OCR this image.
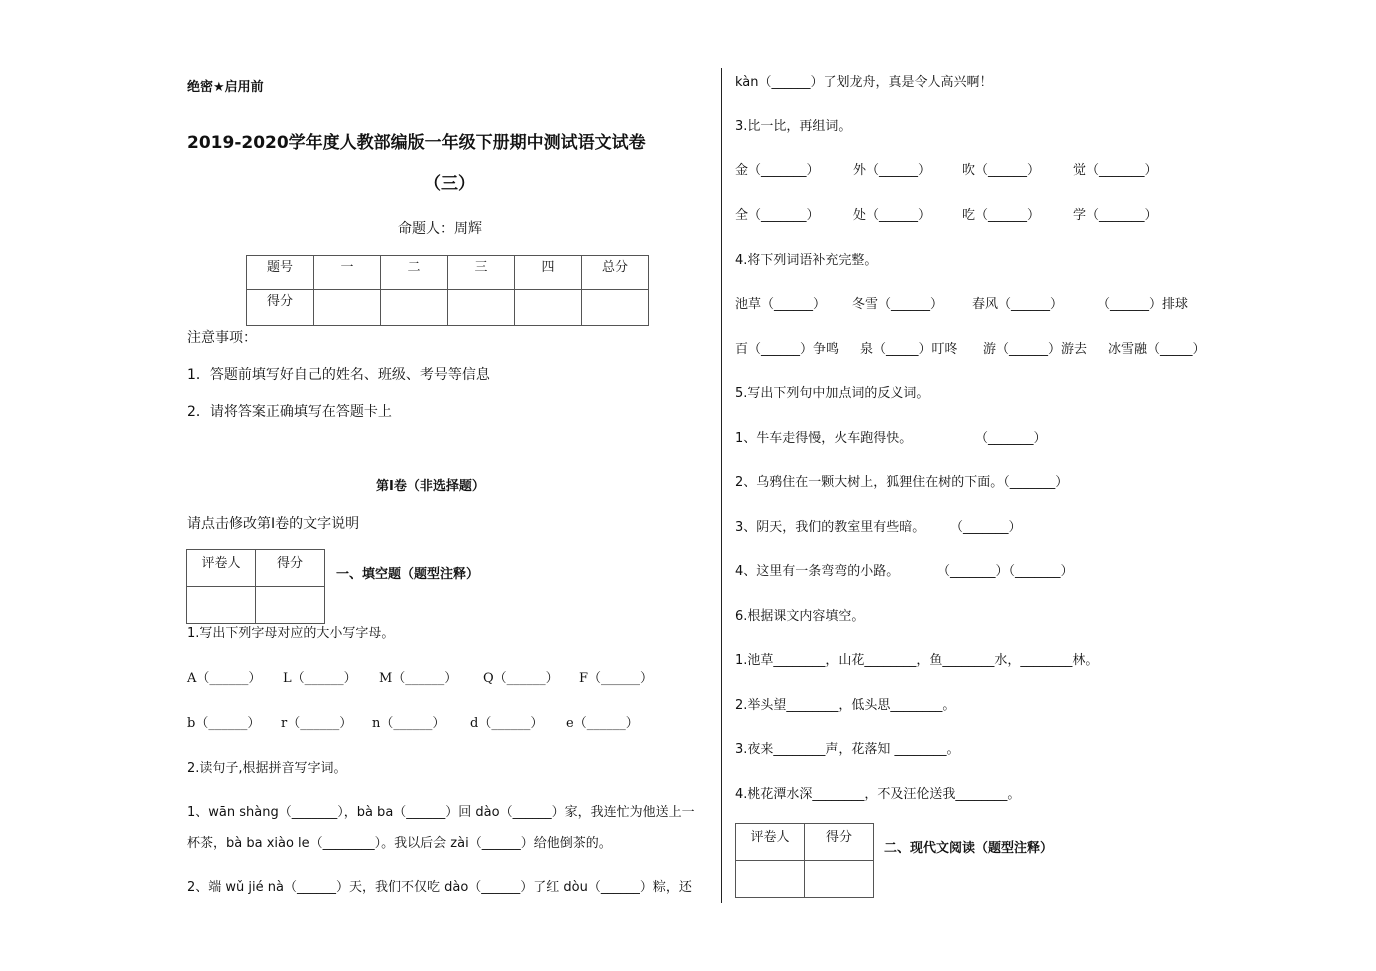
绝密★启用前
2019-2020学年度人教部编版一年级下册期中测试语文试卷
（三）
命题人：周辉
题号	一	二	三	四	总分
得分					
注意事项：
1．答题前填写好自己的姓名、班级、考号等信息
2．请将答案正确填写在答题卡上
第I卷（非选择题）
请点击修改第I卷的文字说明
评卷人	得分

一、填空题（题型注释）
1.写出下列字母对应的大小写字母。
A（______） L（______） M（______） Q（______） F（______）
b（______） r（______） n（______） d（______） e（______）
2.读句子,根据拼音写字词。
1、wān shàng（_______），bà ba（______）回 dào（______）家，我连忙为他送上一
杯茶，bà ba xiào le（________）。我以后会 zài（______）给他倒茶的。
2、端 wǔ jié nà（______）天，我们不仅吃 dào（______）了红 dòu（______）粽，还
kàn（______）了划龙舟，真是令人高兴啊！
3.比一比，再组词。
金（_______）	外（______） 吹（______）	觉（_______）
全（_______）	处（______） 吃（______）	学（_______）
4.将下列词语补充完整。
池草（______） 冬雪（______） 春风（______）	（______）排球
百（______）争鸣 泉（_____）叮咚 游（______）游去 冰雪融（_____）
5.写出下列句中加点词的反义词。
1、牛车走得慢，火车跑得快。	（_______）
2、乌鸦住在一颗大树上，狐狸住在树的下面。（_______）
3、阴天，我们的教室里有些暗。 （_______）
4、这里有一条弯弯的小路。	（_______）（_______）
6.根据课文内容填空。
1.池草________，山花________，鱼________水，________林。
2.举头望________，低头思________。
3.夜来________声，花落知 ________。
4.桃花潭水深________，不及汪伦送我________。
评卷人	得分

二、现代文阅读（题型注释）
